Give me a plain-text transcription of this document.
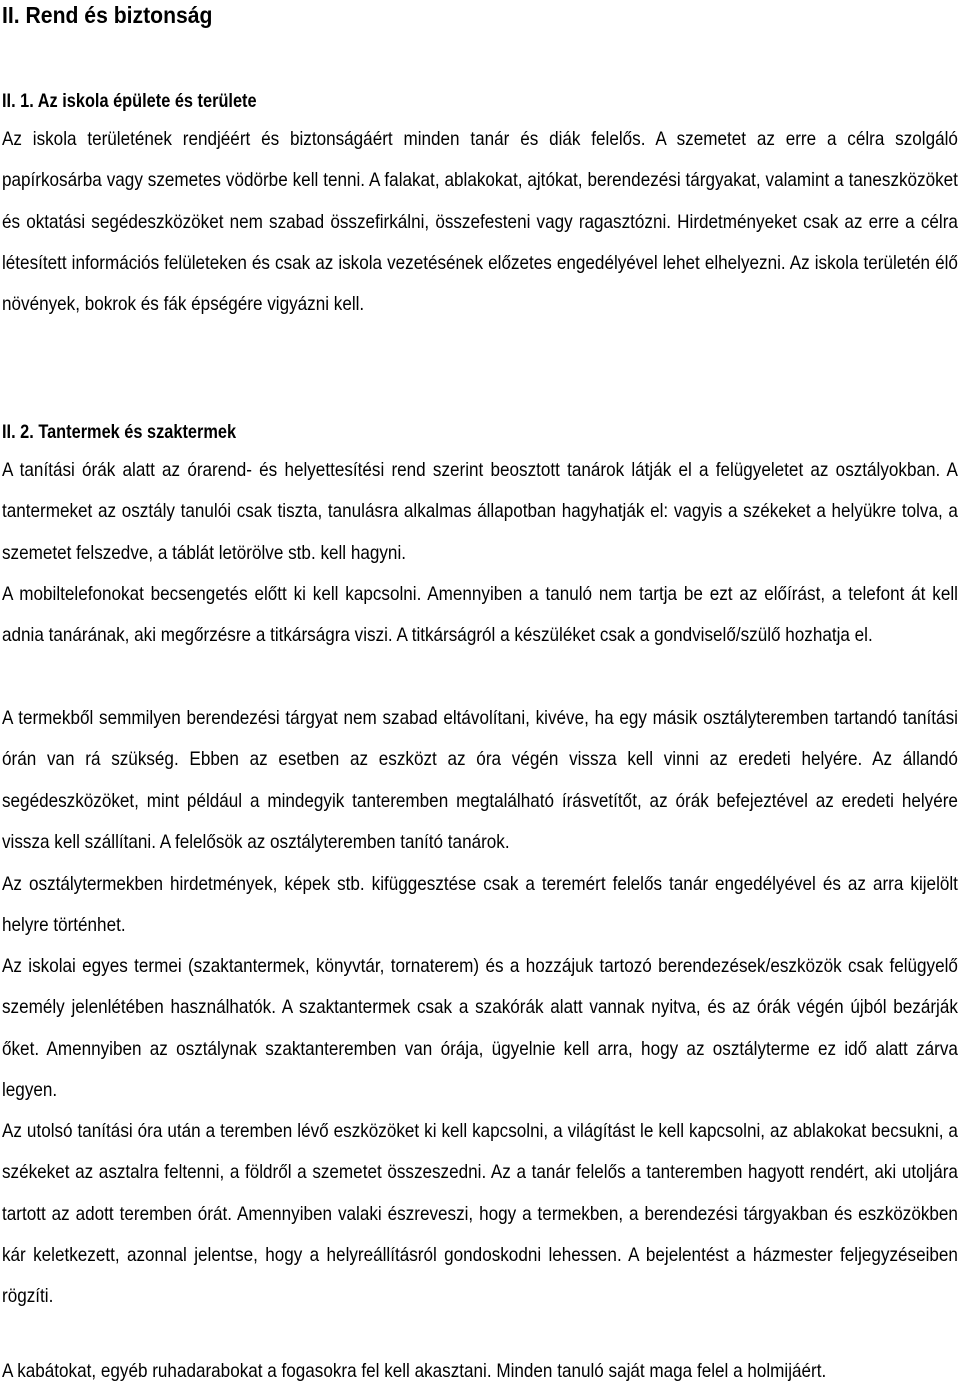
II. Rend és biztonság
II. 1. Az iskola épülete és területe

Az iskola területének rendjéért és biztonságáért minden tanár és diák felelős. A szemetet az erre a célra szolgáló papírkosárba vagy szemetes vödörbe kell tenni. A falakat, ablakokat, ajtókat, berendezési tárgyakat, valamint a taneszközöket és oktatási segédeszközöket nem szabad összefirkálni, összefesteni vagy ragasztózni. Hirdetményeket csak az erre a célra létesített információs felületeken és csak az iskola vezetésének előzetes engedélyével lehet elhelyezni. Az iskola területén élő növények, bokrok és fák épségére vigyázni kell.

II. 2. Tantermek és szaktermek

A tanítási órák alatt az órarend- és helyettesítési rend szerint beosztott tanárok látják el a felügyeletet az osztályokban. A tantermeket az osztály tanulói csak tiszta, tanulásra alkalmas állapotban hagyhatják el: vagyis a székeket a helyükre tolva, a szemetet felszedve, a táblát letörölve stb. kell hagyni.

A mobiltelefonokat becsengetés előtt ki kell kapcsolni. Amennyiben a tanuló nem tartja be ezt az előírást, a telefont át kell adnia tanárának, aki megőrzésre a titkárságra viszi. A titkárságról a készüléket csak a gondviselő/szülő hozhatja el.

A termekből semmilyen berendezési tárgyat nem szabad eltávolítani, kivéve, ha egy másik osztályteremben tartandó tanítási órán van rá szükség. Ebben az esetben az eszközt az óra végén vissza kell vinni az eredeti helyére. Az állandó segédeszközöket, mint például a mindegyik tanteremben megtalálható írásvetítőt, az órák befejeztével az eredeti helyére vissza kell szállítani. A felelősök az osztályteremben tanító tanárok.

Az osztálytermekben hirdetmények, képek stb. kifüggesztése csak a teremért felelős tanár engedélyével és az arra kijelölt helyre történhet.

Az iskolai egyes termei (szaktantermek, könyvtár, tornaterem) és a hozzájuk tartozó berendezések/eszközök csak felügyelő személy jelenlétében használhatók. A szaktantermek csak a szakórák alatt vannak nyitva, és az órák végén újból bezárják őket. Amennyiben az osztálynak szaktanteremben van órája, ügyelnie kell arra, hogy az osztályterme ez idő alatt zárva legyen.

Az utolsó tanítási óra után a teremben lévő eszközöket ki kell kapcsolni, a világítást le kell kapcsolni, az ablakokat becsukni, a székeket az asztalra feltenni, a földről a szemetet összeszedni. Az a tanár felelős a tanteremben hagyott rendért, aki utoljára tartott az adott teremben órát. Amennyiben valaki észreveszi, hogy a termekben, a berendezési tárgyakban és eszközökben kár keletkezett, azonnal jelentse, hogy a helyreállításról gondoskodni lehessen. A bejelentést a házmester feljegyzéseiben rögzíti.

A kabátokat, egyéb ruhadarabokat a fogasokra fel kell akasztani. Minden tanuló saját maga felel a holmijáért.
